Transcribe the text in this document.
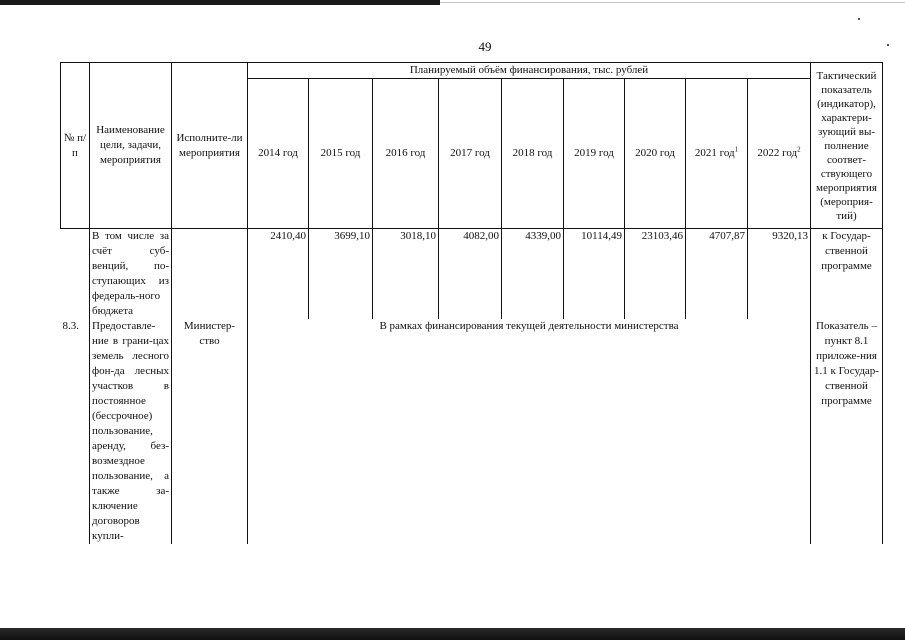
49
№ п/п	Наименование цели, задачи, мероприятия	Исполните-ли мероприятия	Планируемый объём финансирования, тыс. рублей									Тактический показатель (индикатор), характери-зующий вы-полнение соответ-ствующего мероприятия (мероприя-тий)
			2014 год	2015 год	2016 год	2017 год	2018 год	2019 год	2020 год	2021 год$^1$	2022 год$^2$
	В том числе за счёт суб-венций, по-ступающих из федераль-ного бюджета		2410,40	3699,10	3018,10	4082,00	4339,00	10114,49	23103,46	4707,87	9320,13	к Государ-ственной программе
8.3.	Предоставле-ние в грани-цах земель лесного фон-да лесных участков в постоянное (бессрочное) пользование, аренду, без-возмездное пользование, а также за-ключение договоров купли-	Министер-ство	В рамках финансирования текущей деятельности министерства									Показатель – пункт 8.1 приложе-ния 1.1 к Государ-ственной программе
